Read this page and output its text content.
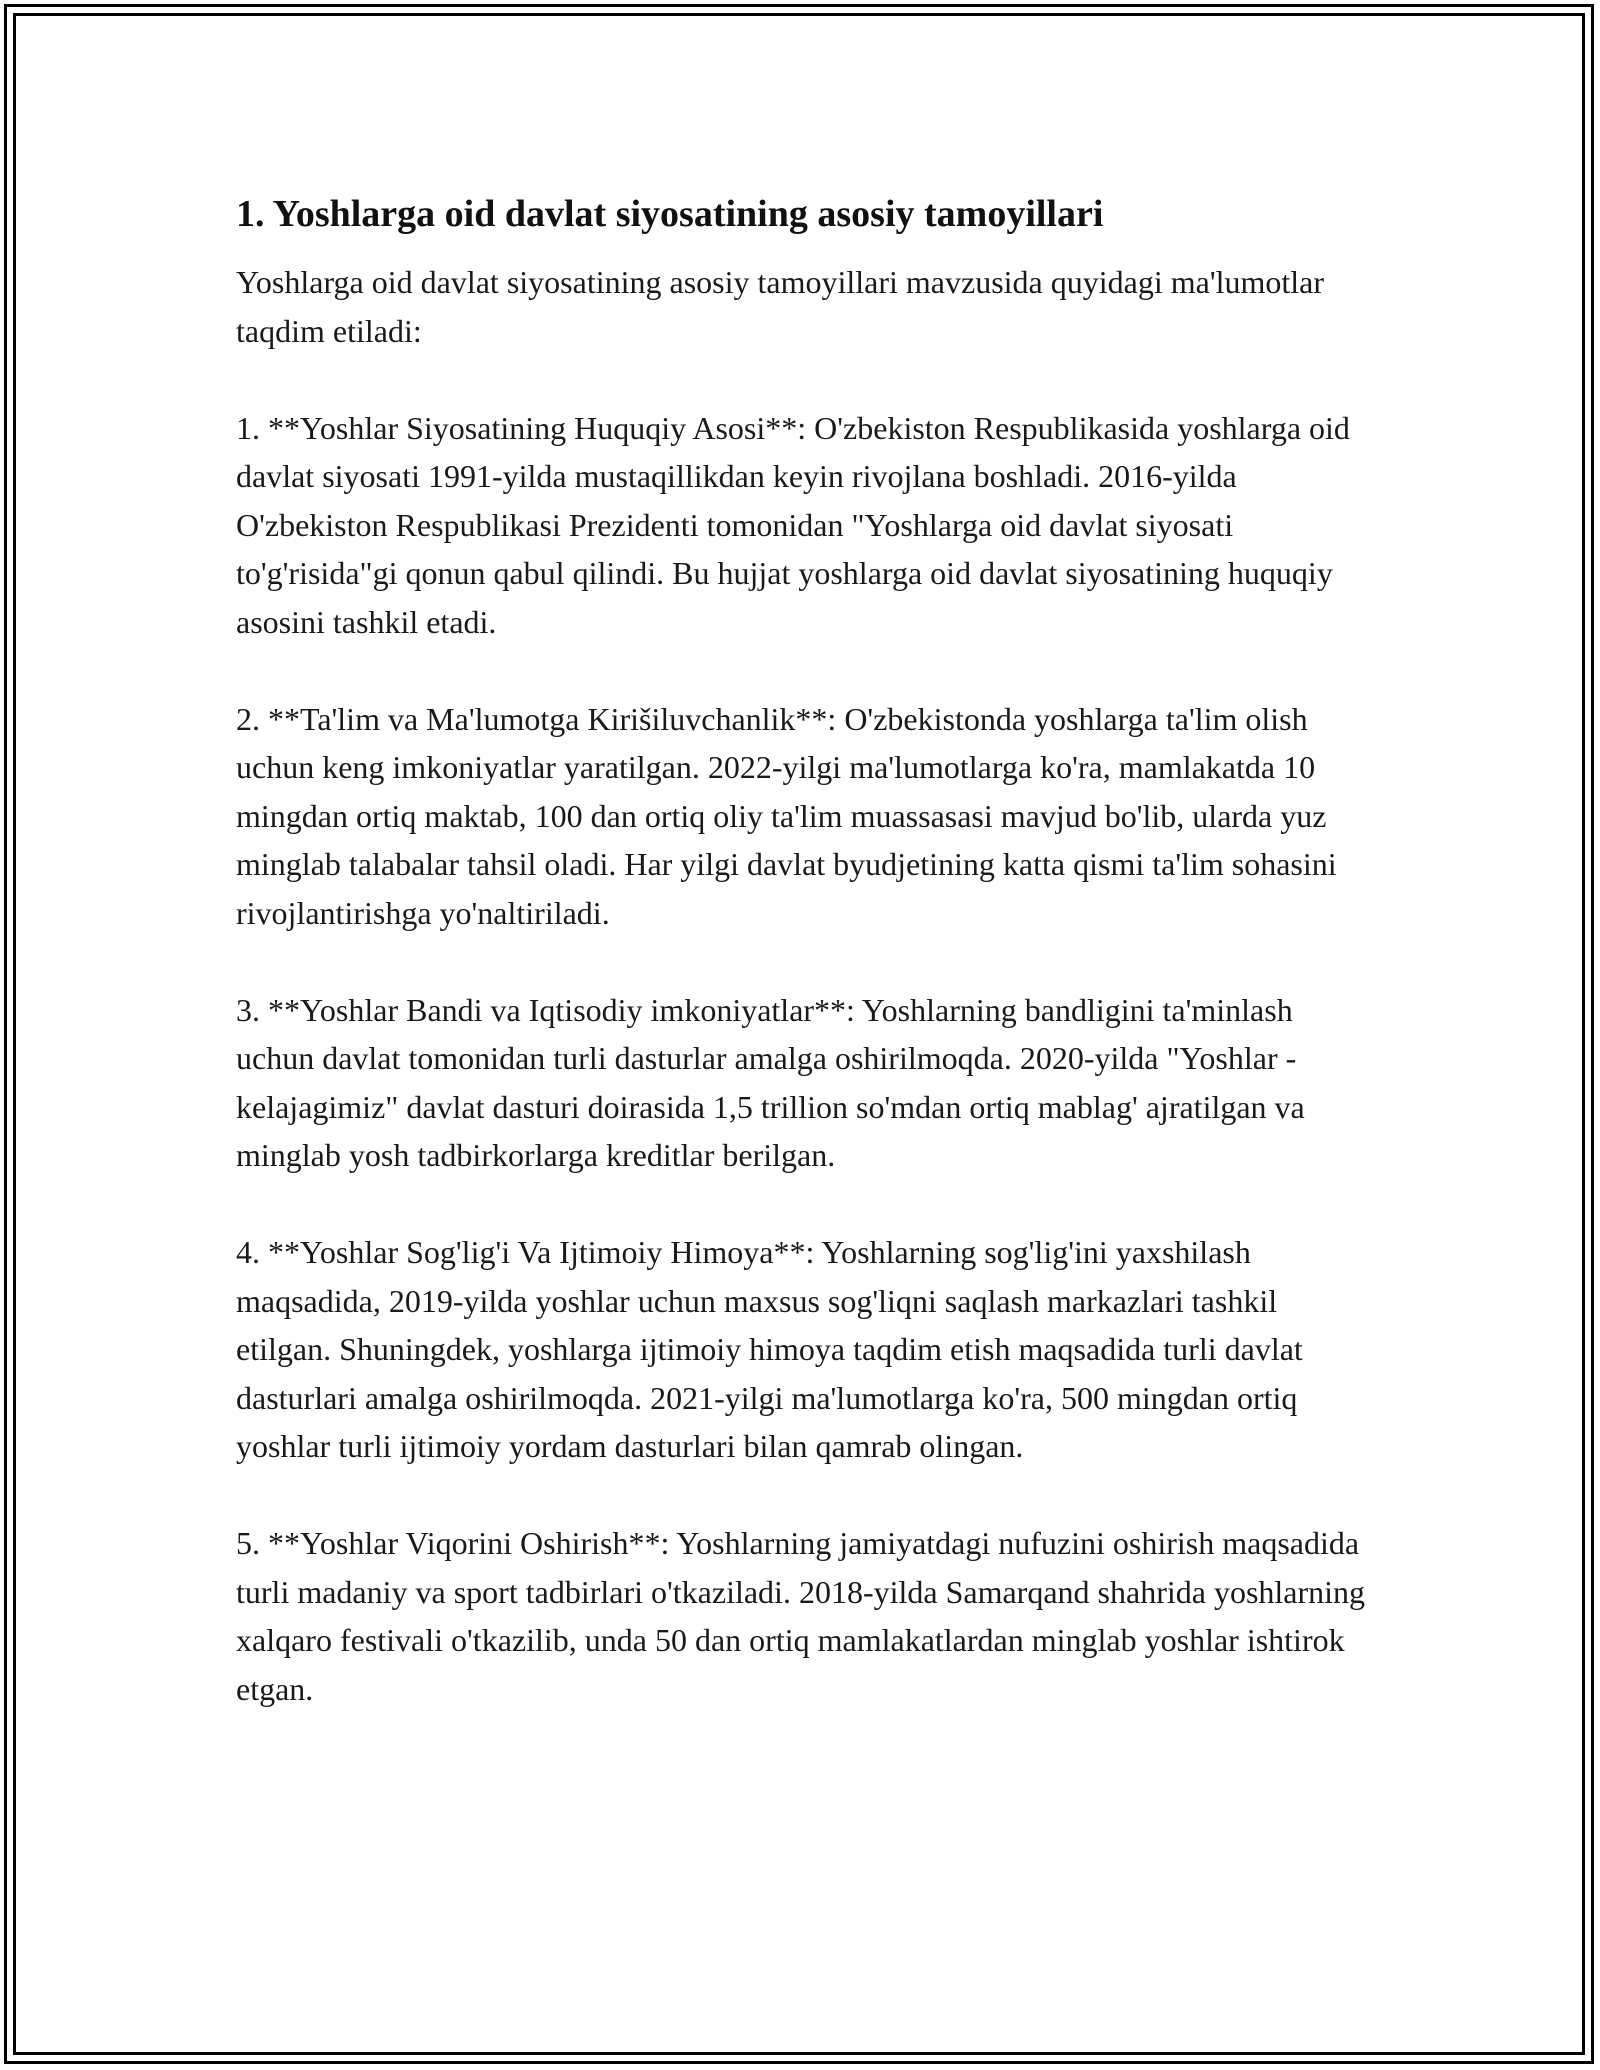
1. Yoshlarga oid davlat siyosatining asosiy tamoyillari

Yoshlarga oid davlat siyosatining asosiy tamoyillari mavzusida quyidagi ma'lumotlar taqdim etiladi:

1. **Yoshlar Siyosatining Huquqiy Asosi**: O'zbekiston Respublikasida yoshlarga oid davlat siyosati 1991-yilda mustaqillikdan keyin rivojlana boshladi. 2016-yilda O'zbekiston Respublikasi Prezidenti tomonidan "Yoshlarga oid davlat siyosati to'g'risida"gi qonun qabul qilindi. Bu hujjat yoshlarga oid davlat siyosatining huquqiy asosini tashkil etadi.

2. **Ta'lim va Ma'lumotga Kirišiluvchanlik**: O'zbekistonda yoshlarga ta'lim olish uchun keng imkoniyatlar yaratilgan. 2022-yilgi ma'lumotlarga ko'ra, mamlakatda 10 mingdan ortiq maktab, 100 dan ortiq oliy ta'lim muassasasi mavjud bo'lib, ularda yuz minglab talabalar tahsil oladi. Har yilgi davlat byudjetining katta qismi ta'lim sohasini rivojlantirishga yo'naltiriladi.

3. **Yoshlar Bandi va Iqtisodiy imkoniyatlar**: Yoshlarning bandligini ta'minlash uchun davlat tomonidan turli dasturlar amalga oshirilmoqda. 2020-yilda "Yoshlar - kelajagimiz" davlat dasturi doirasida 1,5 trillion so'mdan ortiq mablag' ajratilgan va minglab yosh tadbirkorlarga kreditlar berilgan.

4. **Yoshlar Sog'lig'i Va Ijtimoiy Himoya**: Yoshlarning sog'lig'ini yaxshilash maqsadida, 2019-yilda yoshlar uchun maxsus sog'liqni saqlash markazlari tashkil etilgan. Shuningdek, yoshlarga ijtimoiy himoya taqdim etish maqsadida turli davlat dasturlari amalga oshirilmoqda. 2021-yilgi ma'lumotlarga ko'ra, 500 mingdan ortiq yoshlar turli ijtimoiy yordam dasturlari bilan qamrab olingan.

5. **Yoshlar Viqorini Oshirish**: Yoshlarning jamiyatdagi nufuzini oshirish maqsadida turli madaniy va sport tadbirlari o'tkaziladi. 2018-yilda Samarqand shahrida yoshlarning xalqaro festivali o'tkazilib, unda 50 dan ortiq mamlakatlardan minglab yoshlar ishtirok etgan.
